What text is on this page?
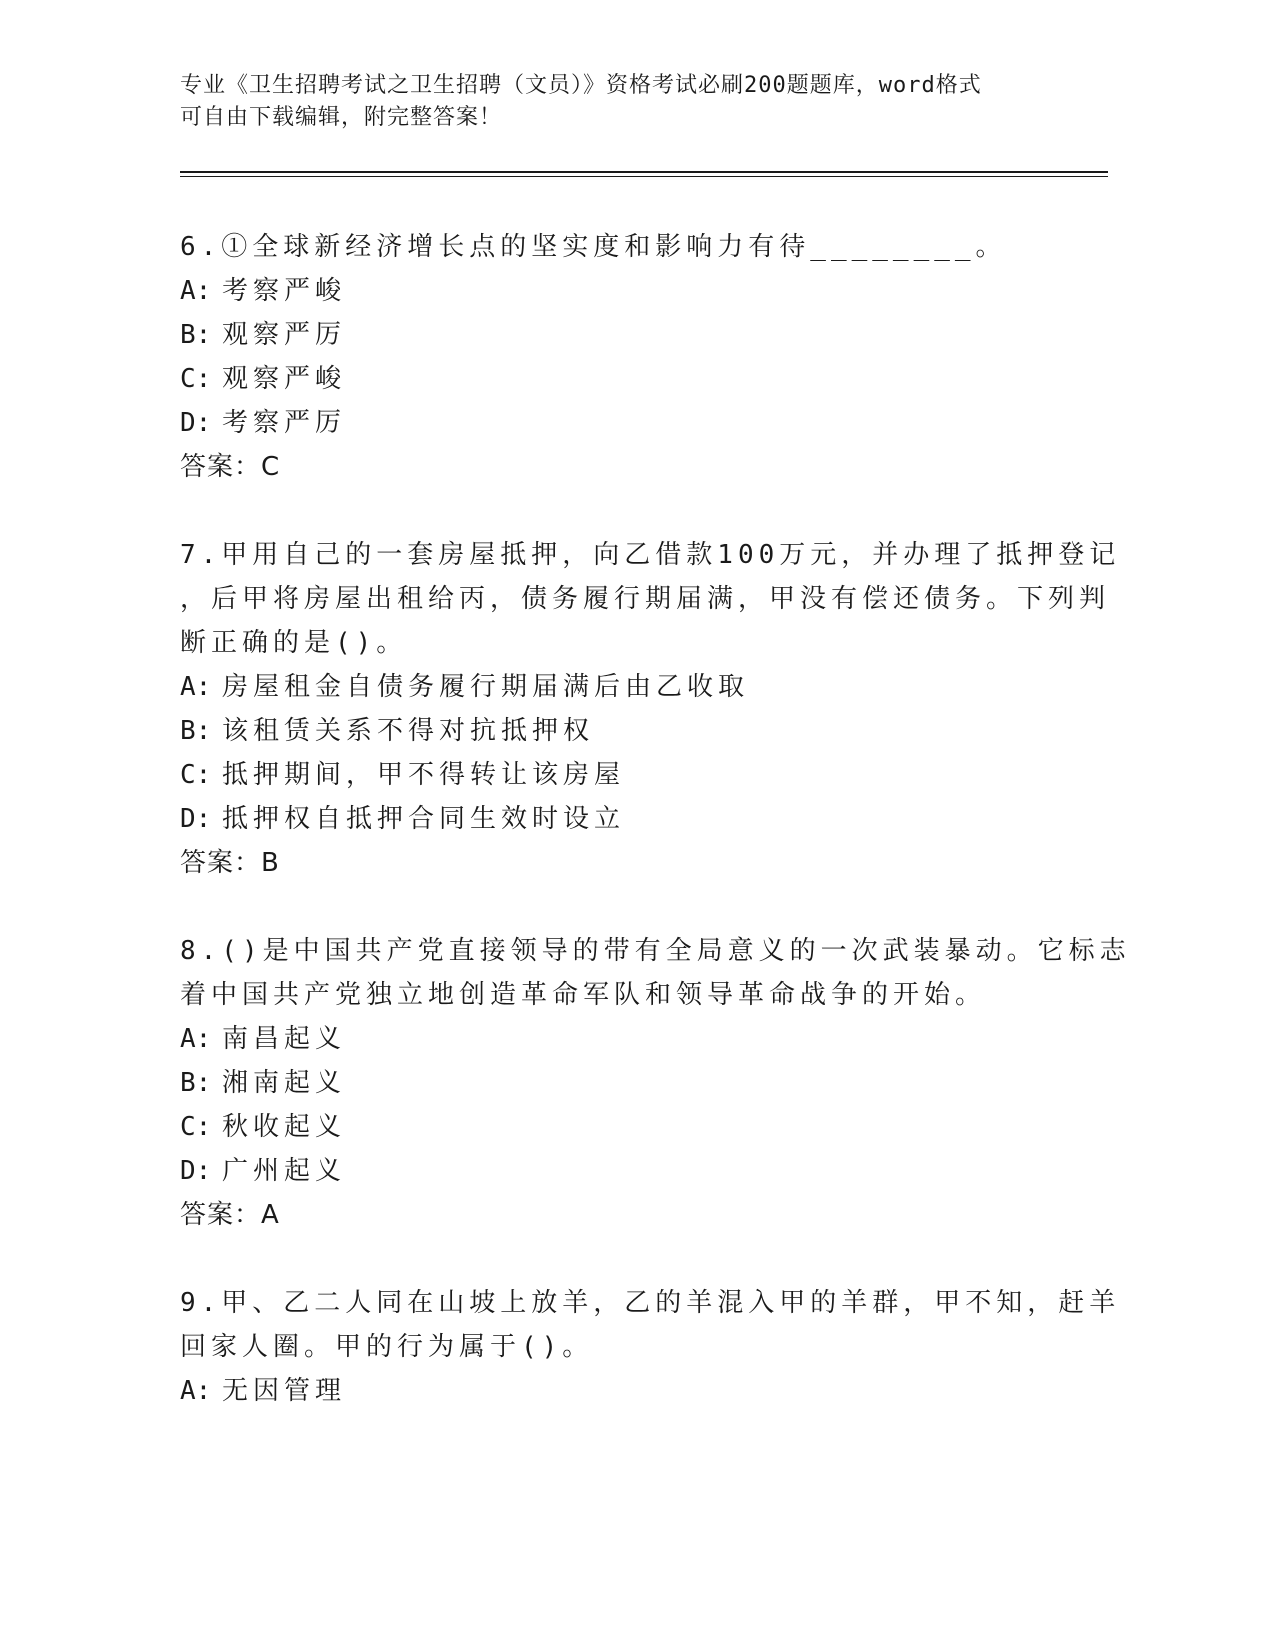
专业《卫生招聘考试之卫生招聘（文员）》资格考试必刷200题题库，word格式
可自由下载编辑，附完整答案！
6.①全球新经济增长点的坚实度和影响力有待________。
A: 考察严峻
B: 观察严厉
C: 观察严峻
D: 考察严厉
答案：C
7.甲用自己的一套房屋抵押，向乙借款100万元，并办理了抵押登记
，后甲将房屋出租给丙，债务履行期届满，甲没有偿还债务。下列判
断正确的是()。
A: 房屋租金自债务履行期届满后由乙收取
B: 该租赁关系不得对抗抵押权
C: 抵押期间，甲不得转让该房屋
D: 抵押权自抵押合同生效时设立
答案：B
8.()是中国共产党直接领导的带有全局意义的一次武装暴动。它标志
着中国共产党独立地创造革命军队和领导革命战争的开始。
A: 南昌起义
B: 湘南起义
C: 秋收起义
D: 广州起义
答案：A
9.甲、乙二人同在山坡上放羊，乙的羊混入甲的羊群，甲不知，赶羊
回家人圈。甲的行为属于()。
A: 无因管理
